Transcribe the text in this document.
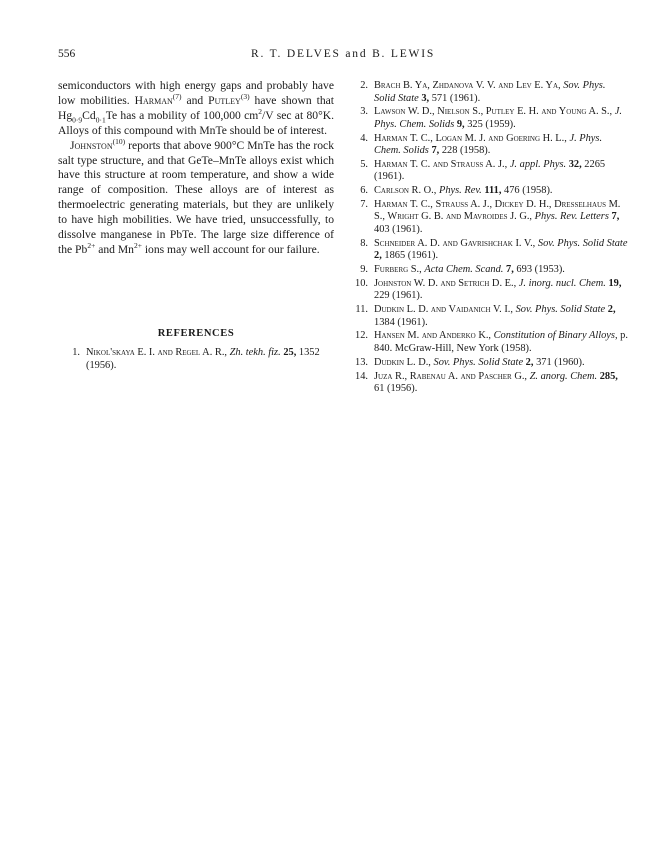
556	R. T. DELVES and B. LEWIS

semiconductors with high energy gaps and probably have low mobilities. Harman$^{(7)}$ and Putley$^{(3)}$ have shown that $Hg_{0\cdot 9}Cd_{0\cdot 1}Te$ has a mobility of 100,000 $cm^2/V$ sec at 80°K. Alloys of this compound with MnTe should be of interest.

Johnston$^{(10)}$ reports that above 900°C MnTe has the rock salt type structure, and that GeTe–MnTe alloys exist which have this structure at room temperature, and show a wide range of composition. These alloys are of interest as thermoelectric generating materials, but they are unlikely to have high mobilities. We have tried, unsuccessfully, to dissolve manganese in PbTe. The large size difference of the $Pb^{2+}$ and $Mn^{2+}$ ions may well account for our failure.

REFERENCES
1. Nikol'skaya E. I. and Regel A. R., Zh. tekh. fiz. 25, 1352 (1956).
2. Brach B. Ya, Zhdanova V. V. and Lev E. Ya, Sov. Phys. Solid State 3, 571 (1961).
3. Lawson W. D., Nielson S., Putley E. H. and Young A. S., J. Phys. Chem. Solids 9, 325 (1959).
4. Harman T. C., Logan M. J. and Goering H. L., J. Phys. Chem. Solids 7, 228 (1958).
5. Harman T. C. and Strauss A. J., J. appl. Phys. 32, 2265 (1961).
6. Carlson R. O., Phys. Rev. 111, 476 (1958).
7. Harman T. C., Strauss A. J., Dickey D. H., Dresselhaus M. S., Wright G. B. and Mavroides J. G., Phys. Rev. Letters 7, 403 (1961).
8. Schneider A. D. and Gavrishchak I. V., Sov. Phys. Solid State 2, 1865 (1961).
9. Furberg S., Acta Chem. Scand. 7, 693 (1953).
10. Johnston W. D. and Setrich D. E., J. inorg. nucl. Chem. 19, 229 (1961).
11. Dudkin L. D. and Vaidanich V. I., Sov. Phys. Solid State 2, 1384 (1961).
12. Hansen M. and Anderko K., Constitution of Binary Alloys, p. 840. McGraw-Hill, New York (1958).
13. Dudkin L. D., Sov. Phys. Solid State 2, 371 (1960).
14. Juza R., Rabenau A. and Pascher G., Z. anorg. Chem. 285, 61 (1956).
